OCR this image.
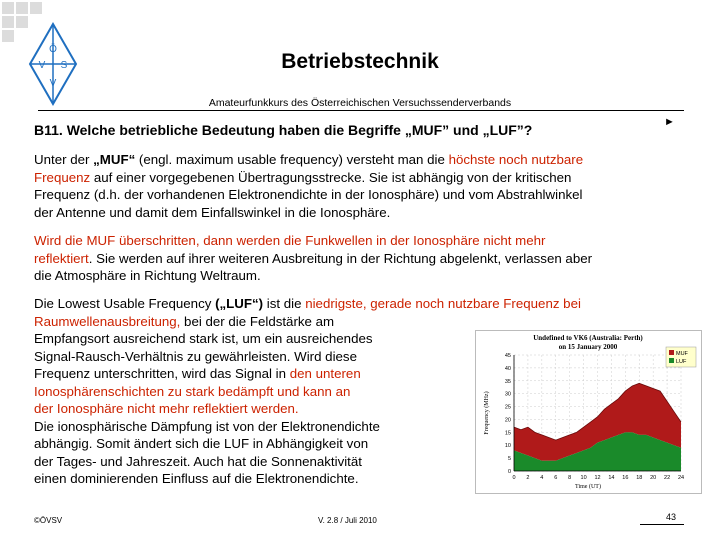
Ö
V S
V
Betriebstechnik
Amateurfunkkurs des Österreichischen Versuchssenderverbands
B11. Welche betriebliche Bedeutung haben die Begriffe „MUF” und „LUF”?	►
Unter der „MUF“ (engl. maximum usable frequency) versteht man die höchste noch nutzbare
Frequenz auf einer vorgegebenen Übertragungsstrecke. Sie ist abhängig von der kritischen
Frequenz (d.h. der vorhandenen Elektronendichte in der Ionosphäre) und vom Abstrahlwinkel
der Antenne und damit dem Einfallswinkel in die Ionosphäre.
Wird die MUF überschritten, dann werden die Funkwellen in der Ionosphäre nicht mehr
reflektiert. Sie werden auf ihrer weiteren Ausbreitung in der Richtung abgelenkt, verlassen aber
die Atmosphäre in Richtung Weltraum.
Die Lowest Usable Frequency („LUF“) ist die niedrigste, gerade noch nutzbare Frequenz bei
Raumwellenausbreitung, bei der die Feldstärke am
Empfangsort ausreichend stark ist, um ein ausreichendes
Signal-Rausch-Verhältnis zu gewährleisten. Wird diese
Frequenz unterschritten, wird das Signal in den unteren
Ionosphärenschichten zu stark bedämpft und kann an
der Ionosphäre nicht mehr reflektiert werden.
Die ionosphärische Dämpfung ist von der Elektronendichte
abhängig. Somit ändert sich die LUF in Abhängigkeit von
der Tages- und Jahreszeit. Auch hat die Sonnenaktivität
einen dominierenden Einfluss auf die Elektronendichte.
Undefined to VK6 (Australia: Perth)
on 15 January 2000
0
5
10
15
20
25
30
35
40
45
0 2 4 6 8 10 12 14 16 18 20 22 24
Time (UT)
Frequency (MHz)
MUF
LUF
©ÖVSV	V. 2.8 / Juli 2010	43
